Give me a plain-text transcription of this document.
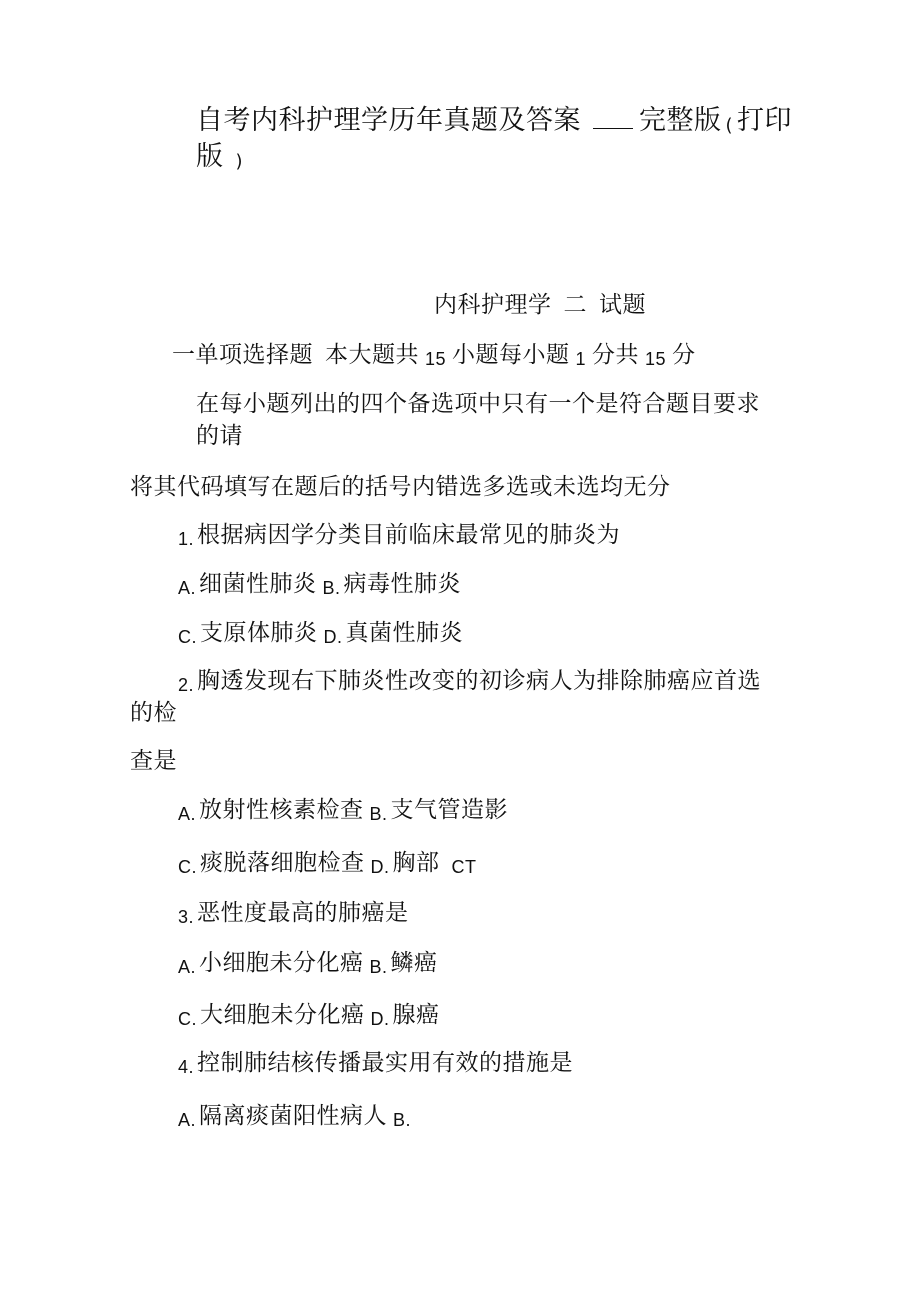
自考内科护理学历年真题及答案 完整版 ( 打印
版 )
内科护理学 二 试题
一单项选择题 本大题共 15 小题每小题 1 分共 15 分
在每小题列出的四个备选项中只有一个是符合题目要求
的请
将其代码填写在题后的括号内错选多选或未选均无分
1. 根据病因学分类目前临床最常见的肺炎为
A. 细菌性肺炎 B. 病毒性肺炎
C. 支原体肺炎 D. 真菌性肺炎
2. 胸透发现右下肺炎性改变的初诊病人为排除肺癌应首选
的检
查是
A. 放射性核素检查 B. 支气管造影
C. 痰脱落细胞检查 D. 胸部 CT
3. 恶性度最高的肺癌是
A. 小细胞未分化癌 B. 鳞癌
C. 大细胞未分化癌 D. 腺癌
4. 控制肺结核传播最实用有效的措施是
A. 隔离痰菌阳性病人 B.
